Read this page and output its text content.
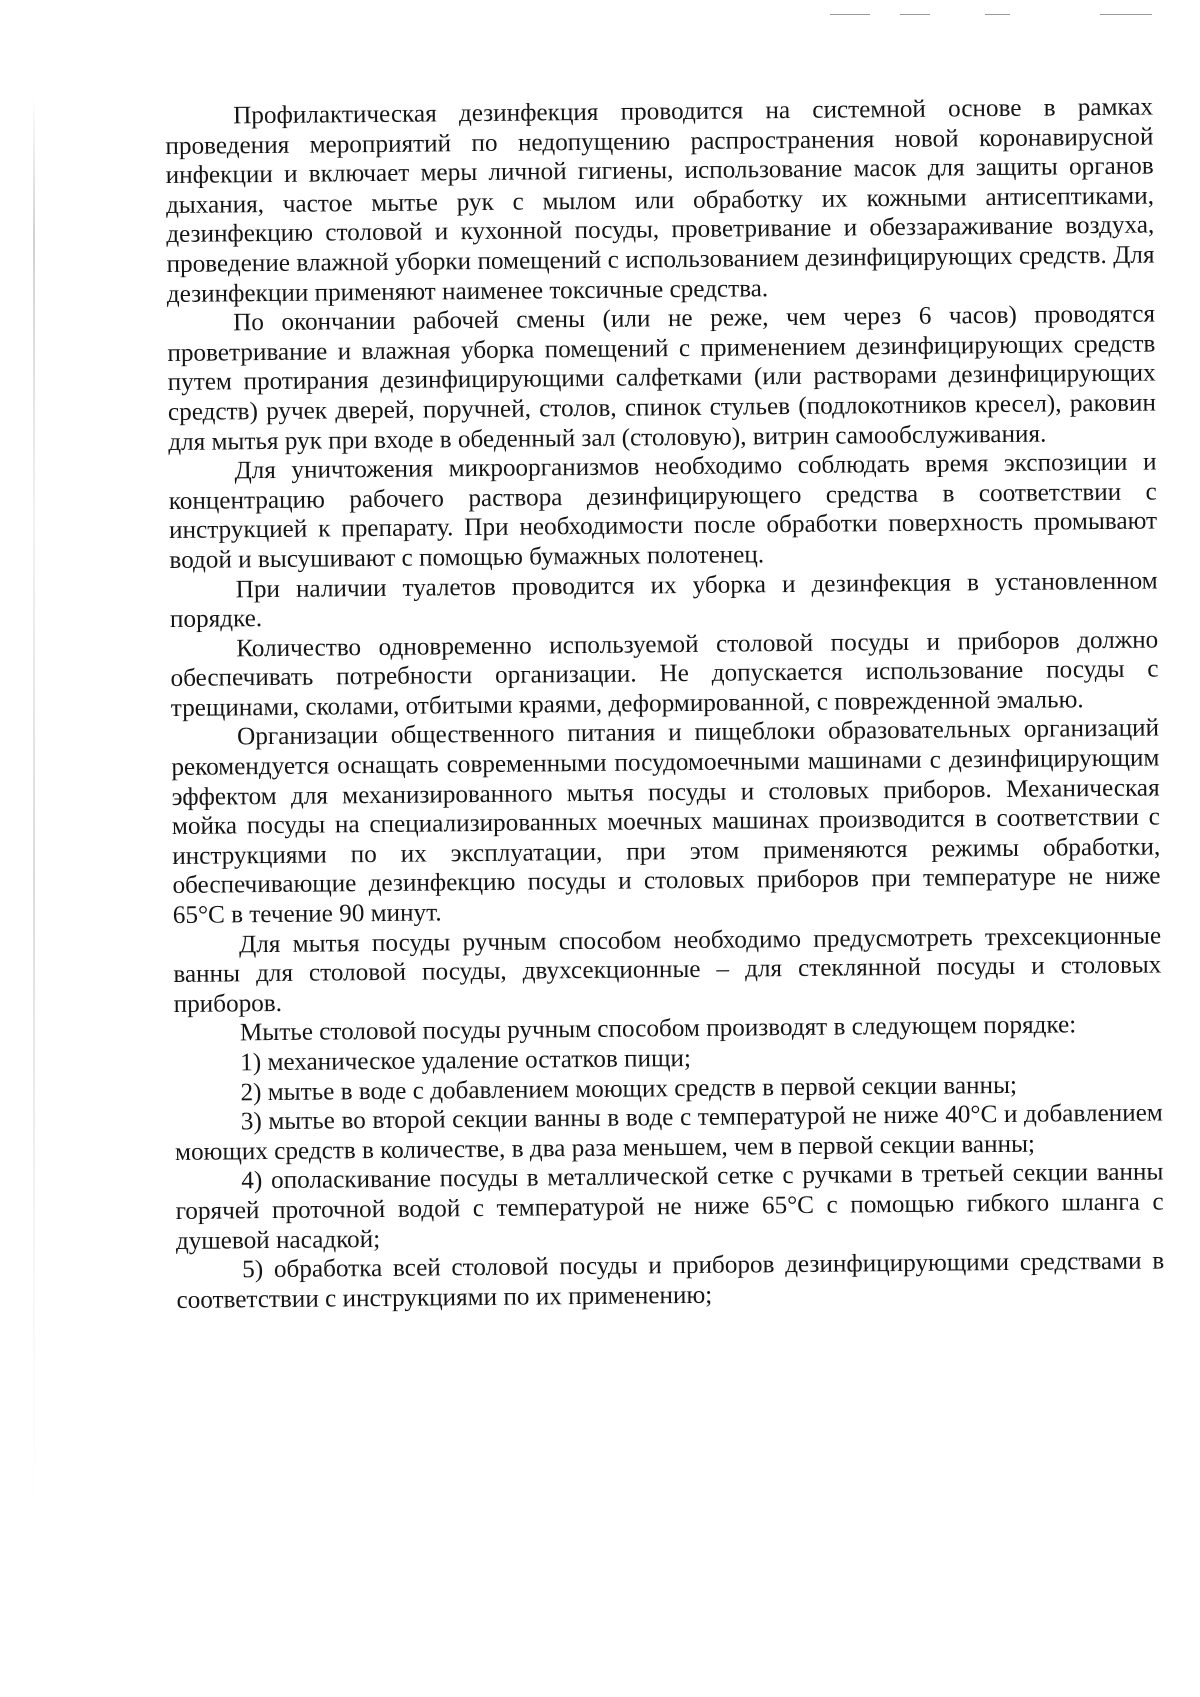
Профилактическая дезинфекция проводится на системной основе в рамках проведения мероприятий по недопущению распространения новой коронавирусной инфекции и включает меры личной гигиены, использование масок для защиты органов дыхания, частое мытье рук с мылом или обработку их кожными антисептиками, дезинфекцию столовой и кухонной посуды, проветривание и обеззараживание воздуха, проведение влажной уборки помещений с использованием дезинфицирующих средств. Для дезинфекции применяют наименее токсичные средства.

По окончании рабочей смены (или не реже, чем через 6 часов) проводятся проветривание и влажная уборка помещений с применением дезинфицирующих средств путем протирания дезинфицирующими салфетками (или растворами дезинфицирующих средств) ручек дверей, поручней, столов, спинок стульев (подлокотников кресел), раковин для мытья рук при входе в обеденный зал (столовую), витрин самообслуживания.

Для уничтожения микроорганизмов необходимо соблюдать время экспозиции и концентрацию рабочего раствора дезинфицирующего средства в соответствии с инструкцией к препарату. При необходимости после обработки поверхность промывают водой и высушивают с помощью бумажных полотенец.

При наличии туалетов проводится их уборка и дезинфекция в установленном порядке.

Количество одновременно используемой столовой посуды и приборов должно обеспечивать потребности организации. Не допускается использование посуды с трещинами, сколами, отбитыми краями, деформированной, с поврежденной эмалью.

Организации общественного питания и пищеблоки образовательных организаций рекомендуется оснащать современными посудомоечными машинами с дезинфицирующим эффектом для механизированного мытья посуды и столовых приборов. Механическая мойка посуды на специализированных моечных машинах производится в соответствии с инструкциями по их эксплуатации, при этом применяются режимы обработки, обеспечивающие дезинфекцию посуды и столовых приборов при температуре не ниже 65°С в течение 90 минут.

Для мытья посуды ручным способом необходимо предусмотреть трехсекционные ванны для столовой посуды, двухсекционные – для стеклянной посуды и столовых приборов.

Мытье столовой посуды ручным способом производят в следующем порядке:

1) механическое удаление остатков пищи;

2) мытье в воде с добавлением моющих средств в первой секции ванны;

3) мытье во второй секции ванны в воде с температурой не ниже 40°С и добавлением моющих средств в количестве, в два раза меньшем, чем в первой секции ванны;

4) ополаскивание посуды в металлической сетке с ручками в третьей секции ванны горячей проточной водой с температурой не ниже 65°С с помощью гибкого шланга с душевой насадкой;

5) обработка всей столовой посуды и приборов дезинфицирующими средствами в соответствии с инструкциями по их применению;
